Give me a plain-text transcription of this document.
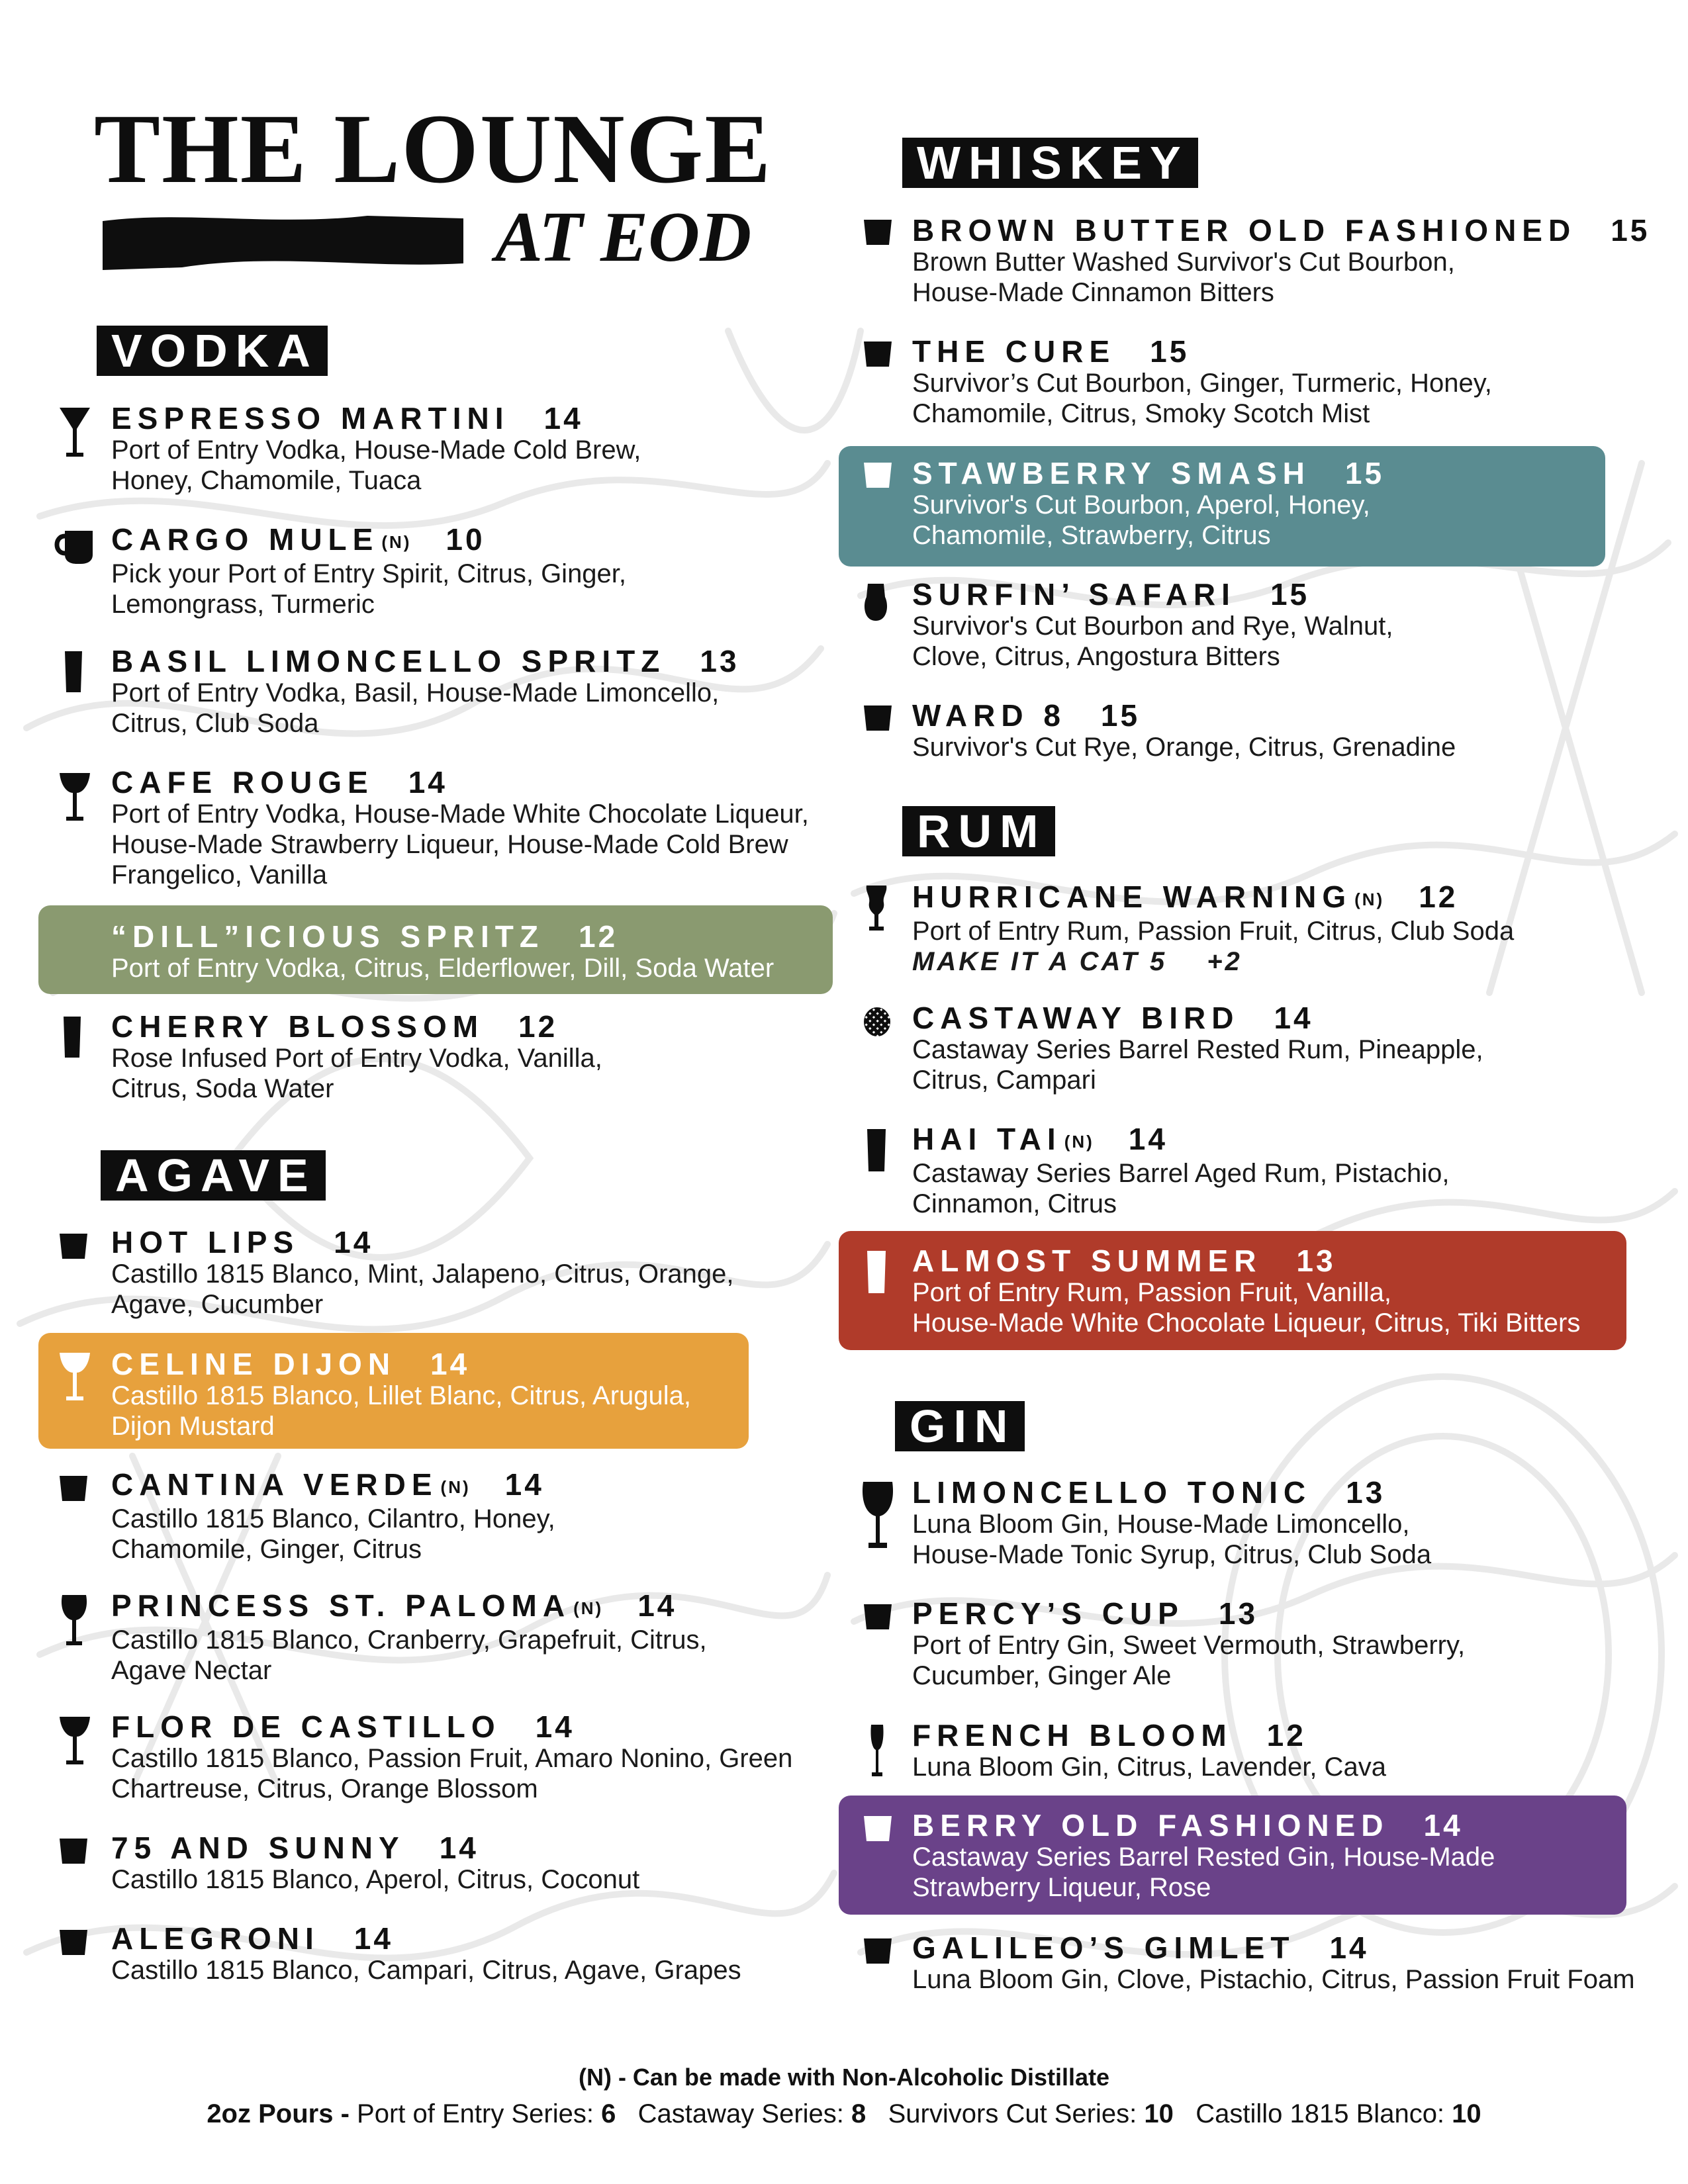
THE LOUNGE
AT EOD
VODKA
AGAVE
WHISKEY
RUM
GIN
ESPRESSO MARTINI 14
Port of Entry Vodka, House-Made Cold Brew,
Honey, Chamomile, Tuaca
CARGO MULE (N) 10
Pick your Port of Entry Spirit, Citrus, Ginger,
Lemongrass, Turmeric
BASIL LIMONCELLO SPRITZ 13
Port of Entry Vodka, Basil, House-Made Limoncello,
Citrus, Club Soda
CAFE ROUGE 14
Port of Entry Vodka, House-Made White Chocolate Liqueur,
House-Made Strawberry Liqueur, House-Made Cold Brew
Frangelico, Vanilla
“DILL”ICIOUS SPRITZ 12
Port of Entry Vodka, Citrus, Elderflower, Dill, Soda Water
CHERRY BLOSSOM 12
Rose Infused Port of Entry Vodka, Vanilla,
Citrus, Soda Water
HOT LIPS 14
Castillo 1815 Blanco, Mint, Jalapeno, Citrus, Orange,
Agave, Cucumber
CELINE DIJON 14
Castillo 1815 Blanco, Lillet Blanc, Citrus, Arugula,
Dijon Mustard
CANTINA VERDE (N) 14
Castillo 1815 Blanco, Cilantro, Honey,
Chamomile, Ginger, Citrus
PRINCESS ST. PALOMA (N) 14
Castillo 1815 Blanco, Cranberry, Grapefruit, Citrus,
Agave Nectar
FLOR DE CASTILLO 14
Castillo 1815 Blanco, Passion Fruit, Amaro Nonino, Green
Chartreuse, Citrus, Orange Blossom
75 AND SUNNY 14
Castillo 1815 Blanco, Aperol, Citrus, Coconut
ALEGRONI 14
Castillo 1815 Blanco, Campari, Citrus, Agave, Grapes
BROWN BUTTER OLD FASHIONED 15
Brown Butter Washed Survivor's Cut Bourbon,
House-Made Cinnamon Bitters
THE CURE 15
Survivor’s Cut Bourbon, Ginger, Turmeric, Honey,
Chamomile, Citrus, Smoky Scotch Mist
STAWBERRY SMASH 15
Survivor's Cut Bourbon, Aperol, Honey,
Chamomile, Strawberry, Citrus
SURFIN’ SAFARI 15
Survivor's Cut Bourbon and Rye, Walnut,
Clove, Citrus, Angostura Bitters
WARD 8 15
Survivor's Cut Rye, Orange, Citrus, Grenadine
HURRICANE WARNING (N) 12
Port of Entry Rum, Passion Fruit, Citrus, Club Soda
MAKE IT A CAT 5 +2
CASTAWAY BIRD 14
Castaway Series Barrel Rested Rum, Pineapple,
Citrus, Campari
HAI TAI (N) 14
Castaway Series Barrel Aged Rum, Pistachio,
Cinnamon, Citrus
ALMOST SUMMER 13
Port of Entry Rum, Passion Fruit, Vanilla,
House-Made White Chocolate Liqueur, Citrus, Tiki Bitters
LIMONCELLO TONIC 13
Luna Bloom Gin, House-Made Limoncello,
House-Made Tonic Syrup, Citrus, Club Soda
PERCY’S CUP 13
Port of Entry Gin, Sweet Vermouth, Strawberry,
Cucumber, Ginger Ale
FRENCH BLOOM 12
Luna Bloom Gin, Citrus, Lavender, Cava
BERRY OLD FASHIONED 14
Castaway Series Barrel Rested Gin, House-Made
Strawberry Liqueur, Rose
GALILEO’S GIMLET 14
Luna Bloom Gin, Clove, Pistachio, Citrus, Passion Fruit Foam
(N) - Can be made with Non-Alcoholic Distillate
2oz Pours - Port of Entry Series: 6 Castaway Series: 8 Survivors Cut Series: 10 Castillo 1815 Blanco: 10
